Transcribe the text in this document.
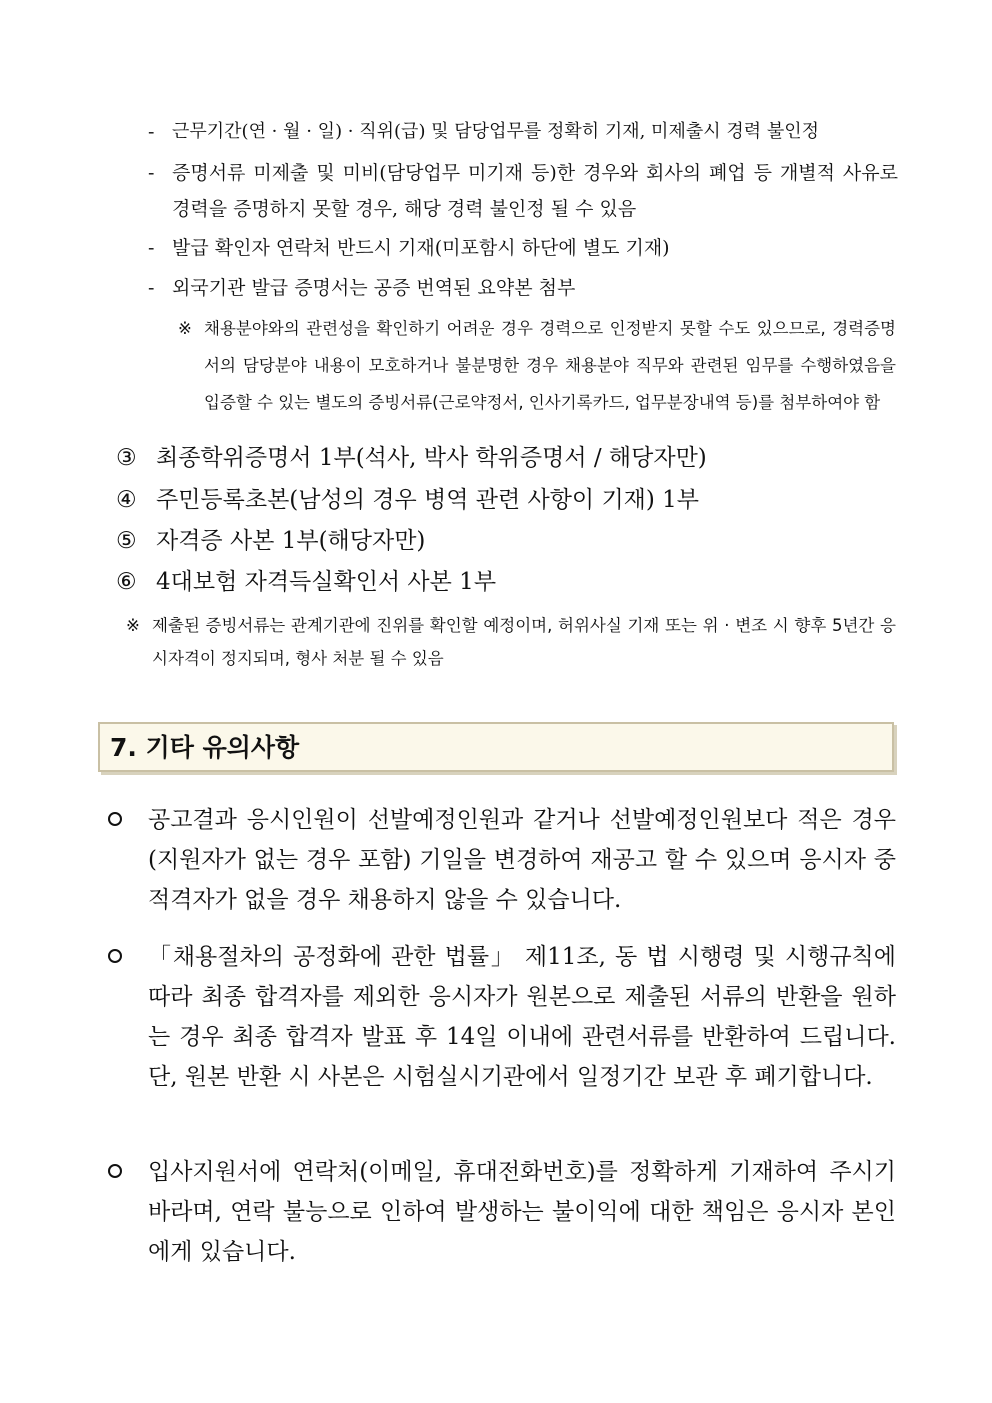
- 근무기간(연 · 월 · 일) · 직위(급) 및 담당업무를 정확히 기재, 미제출시 경력 불인정
- 증명서류 미제출 및 미비(담당업무 미기재 등)한 경우와 회사의 폐업 등 개별적 사유로 경력을 증명하지 못할 경우, 해당 경력 불인정 될 수 있음
- 발급 확인자 연락처 반드시 기재(미포함시 하단에 별도 기재)
- 외국기관 발급 증명서는 공증 번역된 요약본 첨부
※ 채용분야와의 관련성을 확인하기 어려운 경우 경력으로 인정받지 못할 수도 있으므로, 경력증명서의 담당분야 내용이 모호하거나 불분명한 경우 채용분야 직무와 관련된 임무를 수행하였음을 입증할 수 있는 별도의 증빙서류(근로약정서, 인사기록카드, 업무분장내역 등)를 첨부하여야 함
③ 최종학위증명서 1부(석사, 박사 학위증명서 / 해당자만)
④ 주민등록초본(남성의 경우 병역 관련 사항이 기재) 1부
⑤ 자격증 사본 1부(해당자만)
⑥ 4대보험 자격득실확인서 사본 1부
※ 제출된 증빙서류는 관계기관에 진위를 확인할 예정이며, 허위사실 기재 또는 위 · 변조 시 향후 5년간 응시자격이 정지되며, 형사 처분 될 수 있음
7. 기타 유의사항
공고결과 응시인원이 선발예정인원과 같거나 선발예정인원보다 적은 경우(지원자가 없는 경우 포함) 기일을 변경하여 재공고 할 수 있으며 응시자 중 적격자가 없을 경우 채용하지 않을 수 있습니다.
「채용절차의 공정화에 관한 법률」 제11조, 동 법 시행령 및 시행규칙에 따라 최종 합격자를 제외한 응시자가 원본으로 제출된 서류의 반환을 원하는 경우 최종 합격자 발표 후 14일 이내에 관련서류를 반환하여 드립니다. 단, 원본 반환 시 사본은 시험실시기관에서 일정기간 보관 후 폐기합니다.
입사지원서에 연락처(이메일, 휴대전화번호)를 정확하게 기재하여 주시기 바라며, 연락 불능으로 인하여 발생하는 불이익에 대한 책임은 응시자 본인에게 있습니다.
